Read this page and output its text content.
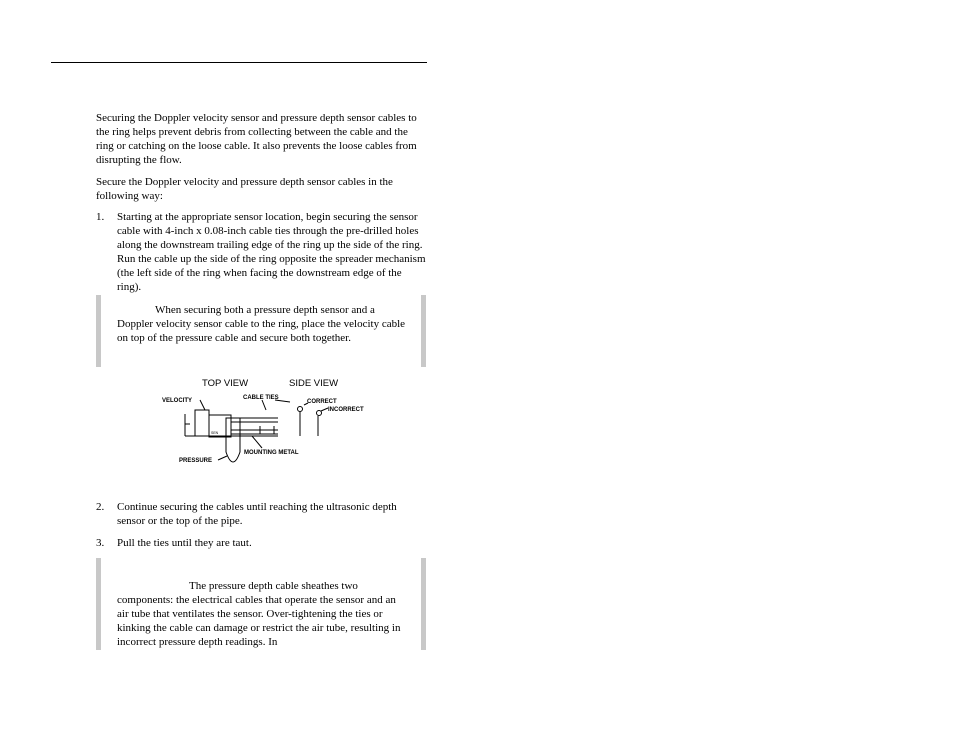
Securing the Doppler velocity sensor and pressure depth sensor cables to the ring helps prevent debris from collecting between the cable and the ring or catching on the loose cable. It also prevents the loose cables from disrupting the flow.

Secure the Doppler velocity and pressure depth sensor cables in the following way:

1.	Starting at the appropriate sensor location, begin securing the sensor cable with 4-inch x 0.08-inch cable ties through the pre-drilled holes along the downstream trailing edge of the ring up the side of the ring. Run the cable up the side of the ring opposite the spreader mechanism (the left side of the ring when facing the downstream edge of the ring).
When securing both a pressure depth sensor and a Doppler velocity sensor cable to the ring, place the velocity cable on top of the pressure cable and secure both together.
TOP VIEW	SIDE VIEW
VELOCITY	CABLE TIES
CORRECT
INCORRECT
PRESSURE
MOUNTING METAL
SEN
2.	Continue securing the cables until reaching the ultrasonic depth sensor or the top of the pipe.
3.	Pull the ties until they are taut.
The pressure depth cable sheathes two components: the electrical cables that operate the sensor and an air tube that ventilates the sensor. Over-tightening the ties or kinking the cable can damage or restrict the air tube, resulting in incorrect pressure depth readings. In
